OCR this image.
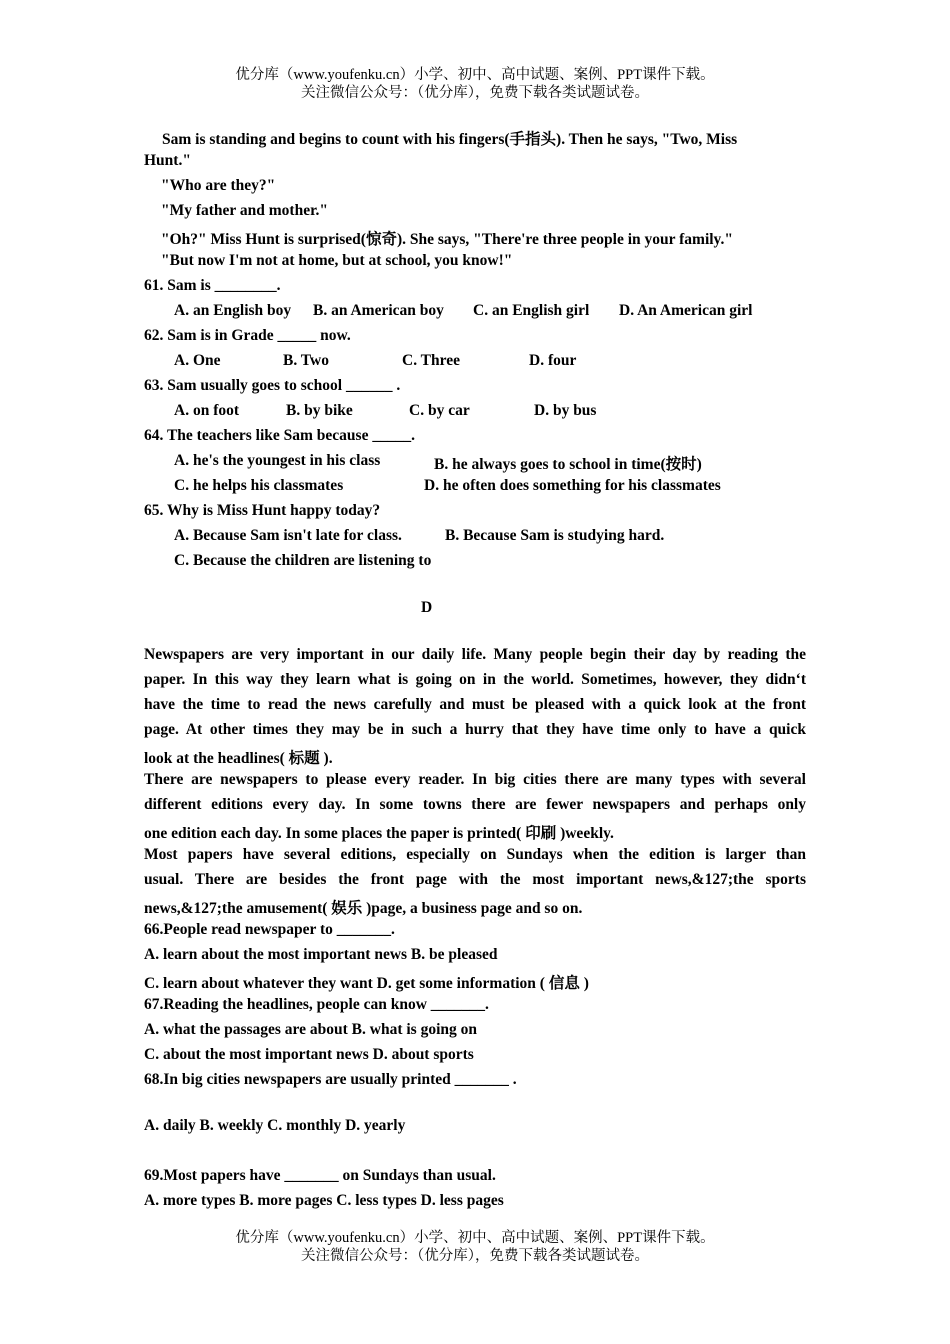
优分库（www.youfenku.cn）小学、初中、高中试题、案例、PPT课件下载。
关注微信公众号：（优分库），免费下载各类试题试卷。
Sam is standing and begins to count with his fingers(手指头). Then he says, "Two, Miss
Hunt."
"Who are they?"
"My father and mother."
"Oh?" Miss Hunt is surprised(惊奇). She says, "There're three people in your family."
"But now I'm not at home, but at school, you know!"
61. Sam is ________.
A. an English boy B. an American boy C. an English girl D. An American girl
62. Sam is in Grade _____ now.
A. One	B. Two	C. Three	D. four
63. Sam usually goes to school ______ .
A. on foot	B. by bike	C. by car	D. by bus
64. The teachers like Sam because _____.
A. he's the youngest in his class	B. he always goes to school in time(按时)
C. he helps his classmates	D. he often does something for his classmates
65. Why is Miss Hunt happy today?
A. Because Sam isn't late for class.	B. Because Sam is studying hard.
C. Because the children are listening to
D
Newspapers are very important in our daily life. Many people begin their day by reading the
paper. In this way they learn what is going on in the world. Sometimes, however, they didn‘t
have the time to read the news carefully and must be pleased with a quick look at the front
page. At other times they may be in such a hurry that they have time only to have a quick
look at the headlines( 标题 ).
There are newspapers to please every reader. In big cities there are many types with several
different editions every day. In some towns there are fewer newspapers and perhaps only
one edition each day. In some places the paper is printed( 印刷 )weekly.
Most papers have several editions, especially on Sundays when the edition is larger than
usual. There are besides the front page with the most important news,&127;the sports
news,&127;the amusement( 娱乐 )page, a business page and so on.
66.People read newspaper to _______.
A. learn about the most important news B. be pleased
C. learn about whatever they want D. get some information ( 信息 )
67.Reading the headlines, people can know _______.
A. what the passages are about B. what is going on
C. about the most important news D. about sports
68.In big cities newspapers are usually printed _______ .
A. daily B. weekly C. monthly D. yearly
69.Most papers have _______ on Sundays than usual.
A. more types B. more pages C. less types D. less pages
优分库（www.youfenku.cn）小学、初中、高中试题、案例、PPT课件下载。
关注微信公众号：（优分库），免费下载各类试题试卷。
